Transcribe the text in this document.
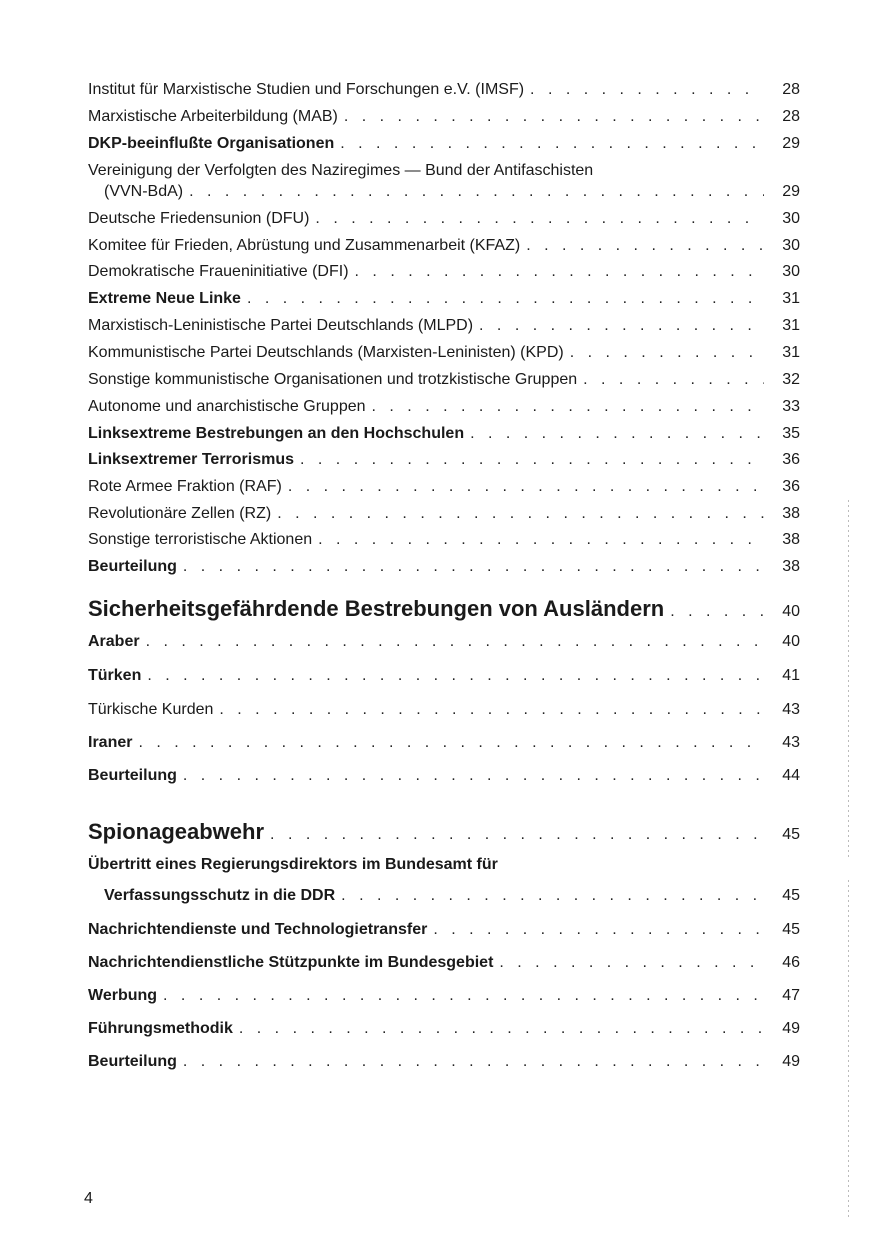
Institut für Marxistische Studien und Forschungen e.V. (IMSF) . . .	28
Marxistische Arbeiterbildung (MAB) . . .	28
DKP-beeinflußte Organisationen . . .	29
Vereinigung der Verfolgten des Naziregimes — Bund der Antifaschisten
(VVN-BdA) . . .	29
Deutsche Friedensunion (DFU) . . .	30
Komitee für Frieden, Abrüstung und Zusammenarbeit (KFAZ) . . .	30
Demokratische Fraueninitiative (DFI) . . .	30
Extreme Neue Linke . . .	31
Marxistisch-Leninistische Partei Deutschlands (MLPD) . . .	31
Kommunistische Partei Deutschlands (Marxisten-Leninisten) (KPD) . . .	31
Sonstige kommunistische Organisationen und trotzkistische Gruppen . . .	32
Autonome und anarchistische Gruppen . . .	33
Linksextreme Bestrebungen an den Hochschulen . . .	35
Linksextremer Terrorismus . . .	36
Rote Armee Fraktion (RAF) . . .	36
Revolutionäre Zellen (RZ) . . .	38
Sonstige terroristische Aktionen . . .	38
Beurteilung . . .	38
Sicherheitsgefährdende Bestrebungen von Ausländern . . .	40
Araber . . .	40
Türken . . .	41
Türkische Kurden . . .	43
Iraner . . .	43
Beurteilung . . .	44
Spionageabwehr . . .	45
Übertritt eines Regierungsdirektors im Bundesamt für
Verfassungsschutz in die DDR . . .	45
Nachrichtendienste und Technologietransfer . . .	45
Nachrichtendienstliche Stützpunkte im Bundesgebiet . . .	46
Werbung . . .	47
Führungsmethodik . . .	49
Beurteilung . . .	49
4
